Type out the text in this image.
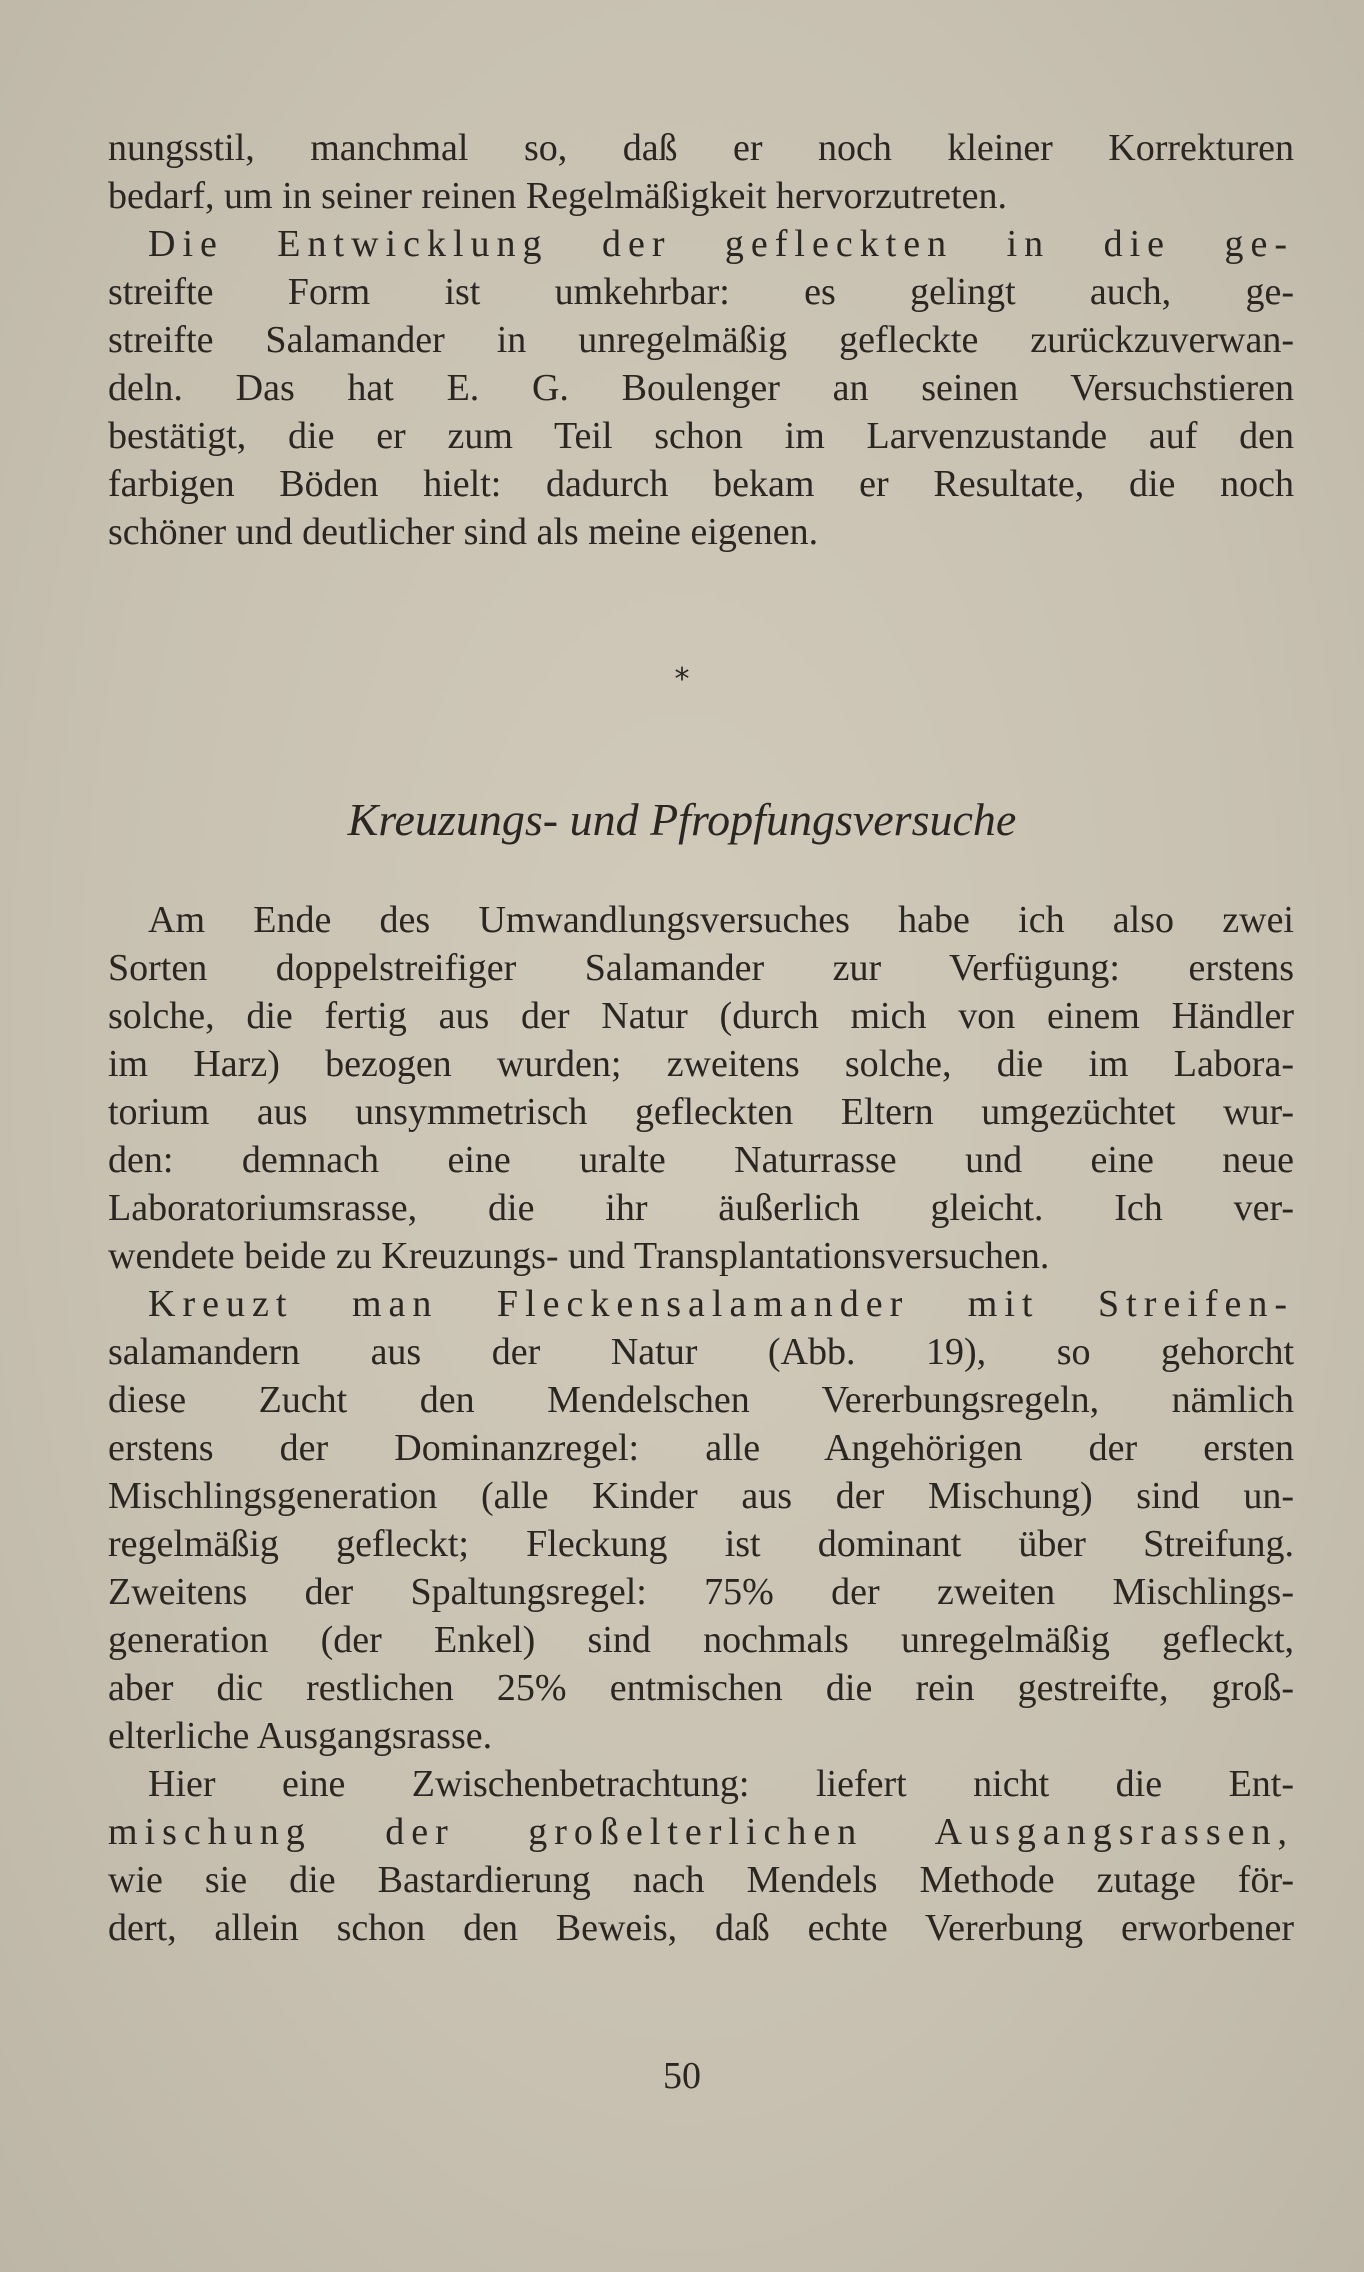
nungsstil, manchmal so, daß er noch kleiner Korrekturen
bedarf, um in seiner reinen Regelmäßigkeit hervorzutreten.
Die Entwicklung der gefleckten in die ge-
streifte Form ist umkehrbar: es gelingt auch, ge-
streifte Salamander in unregelmäßig gefleckte zurückzuverwan-
deln. Das hat E. G. Boulenger an seinen Versuchstieren
bestätigt, die er zum Teil schon im Larvenzustande auf den
farbigen Böden hielt: dadurch bekam er Resultate, die noch
schöner und deutlicher sind als meine eigenen.
*
Kreuzungs- und Pfropfungsversuche
Am Ende des Umwandlungsversuches habe ich also zwei
Sorten doppelstreifiger Salamander zur Verfügung: erstens
solche, die fertig aus der Natur (durch mich von einem Händler
im Harz) bezogen wurden; zweitens solche, die im Labora-
torium aus unsymmetrisch gefleckten Eltern umgezüchtet wur-
den: demnach eine uralte Naturrasse und eine neue
Laboratoriumsrasse, die ihr äußerlich gleicht. Ich ver-
wendete beide zu Kreuzungs- und Transplantationsversuchen.
Kreuzt man Fleckensalamander mit Streifen-
salamandern aus der Natur (Abb. 19), so gehorcht
diese Zucht den Mendelschen Vererbungsregeln, nämlich
erstens der Dominanzregel: alle Angehörigen der ersten
Mischlingsgeneration (alle Kinder aus der Mischung) sind un-
regelmäßig gefleckt; Fleckung ist dominant über Streifung.
Zweitens der Spaltungsregel: 75% der zweiten Mischlings-
generation (der Enkel) sind nochmals unregelmäßig gefleckt,
aber dic restlichen 25% entmischen die rein gestreifte, groß-
elterliche Ausgangsrasse.
Hier eine Zwischenbetrachtung: liefert nicht die Ent-
mischung der großelterlichen Ausgangsrassen,
wie sie die Bastardierung nach Mendels Methode zutage för-
dert, allein schon den Beweis, daß echte Vererbung erworbener
50
